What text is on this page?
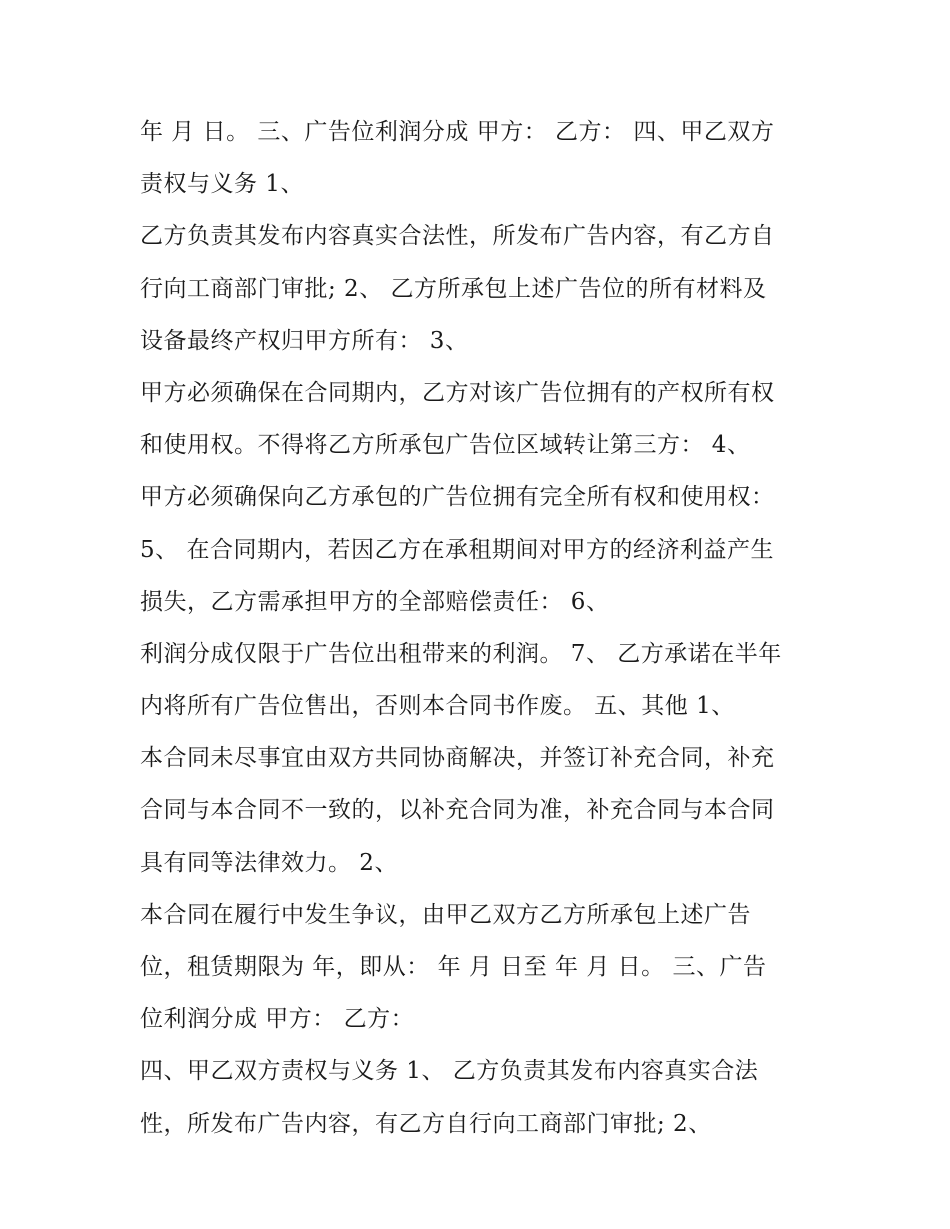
年 月 日。 三、广告位利润分成 甲方： 乙方： 四、甲乙双方
责权与义务 1、
乙方负责其发布内容真实合法性，所发布广告内容，有乙方自
行向工商部门审批; 2、 乙方所承包上述广告位的所有材料及
设备最终产权归甲方所有： 3、
甲方必须确保在合同期内，乙方对该广告位拥有的产权所有权
和使用权。不得将乙方所承包广告位区域转让第三方： 4、
甲方必须确保向乙方承包的广告位拥有完全所有权和使用权：
5、 在合同期内，若因乙方在承租期间对甲方的经济利益产生
损失，乙方需承担甲方的全部赔偿责任： 6、
利润分成仅限于广告位出租带来的利润。 7、 乙方承诺在半年
内将所有广告位售出，否则本合同书作废。 五、其他 1、
本合同未尽事宜由双方共同协商解决，并签订补充合同，补充
合同与本合同不一致的，以补充合同为准，补充合同与本合同
具有同等法律效力。 2、
本合同在履行中发生争议，由甲乙双方乙方所承包上述广告
位，租赁期限为 年，即从： 年 月 日至 年 月 日。 三、广告
位利润分成 甲方： 乙方：
四、甲乙双方责权与义务 1、 乙方负责其发布内容真实合法
性，所发布广告内容，有乙方自行向工商部门审批; 2、
